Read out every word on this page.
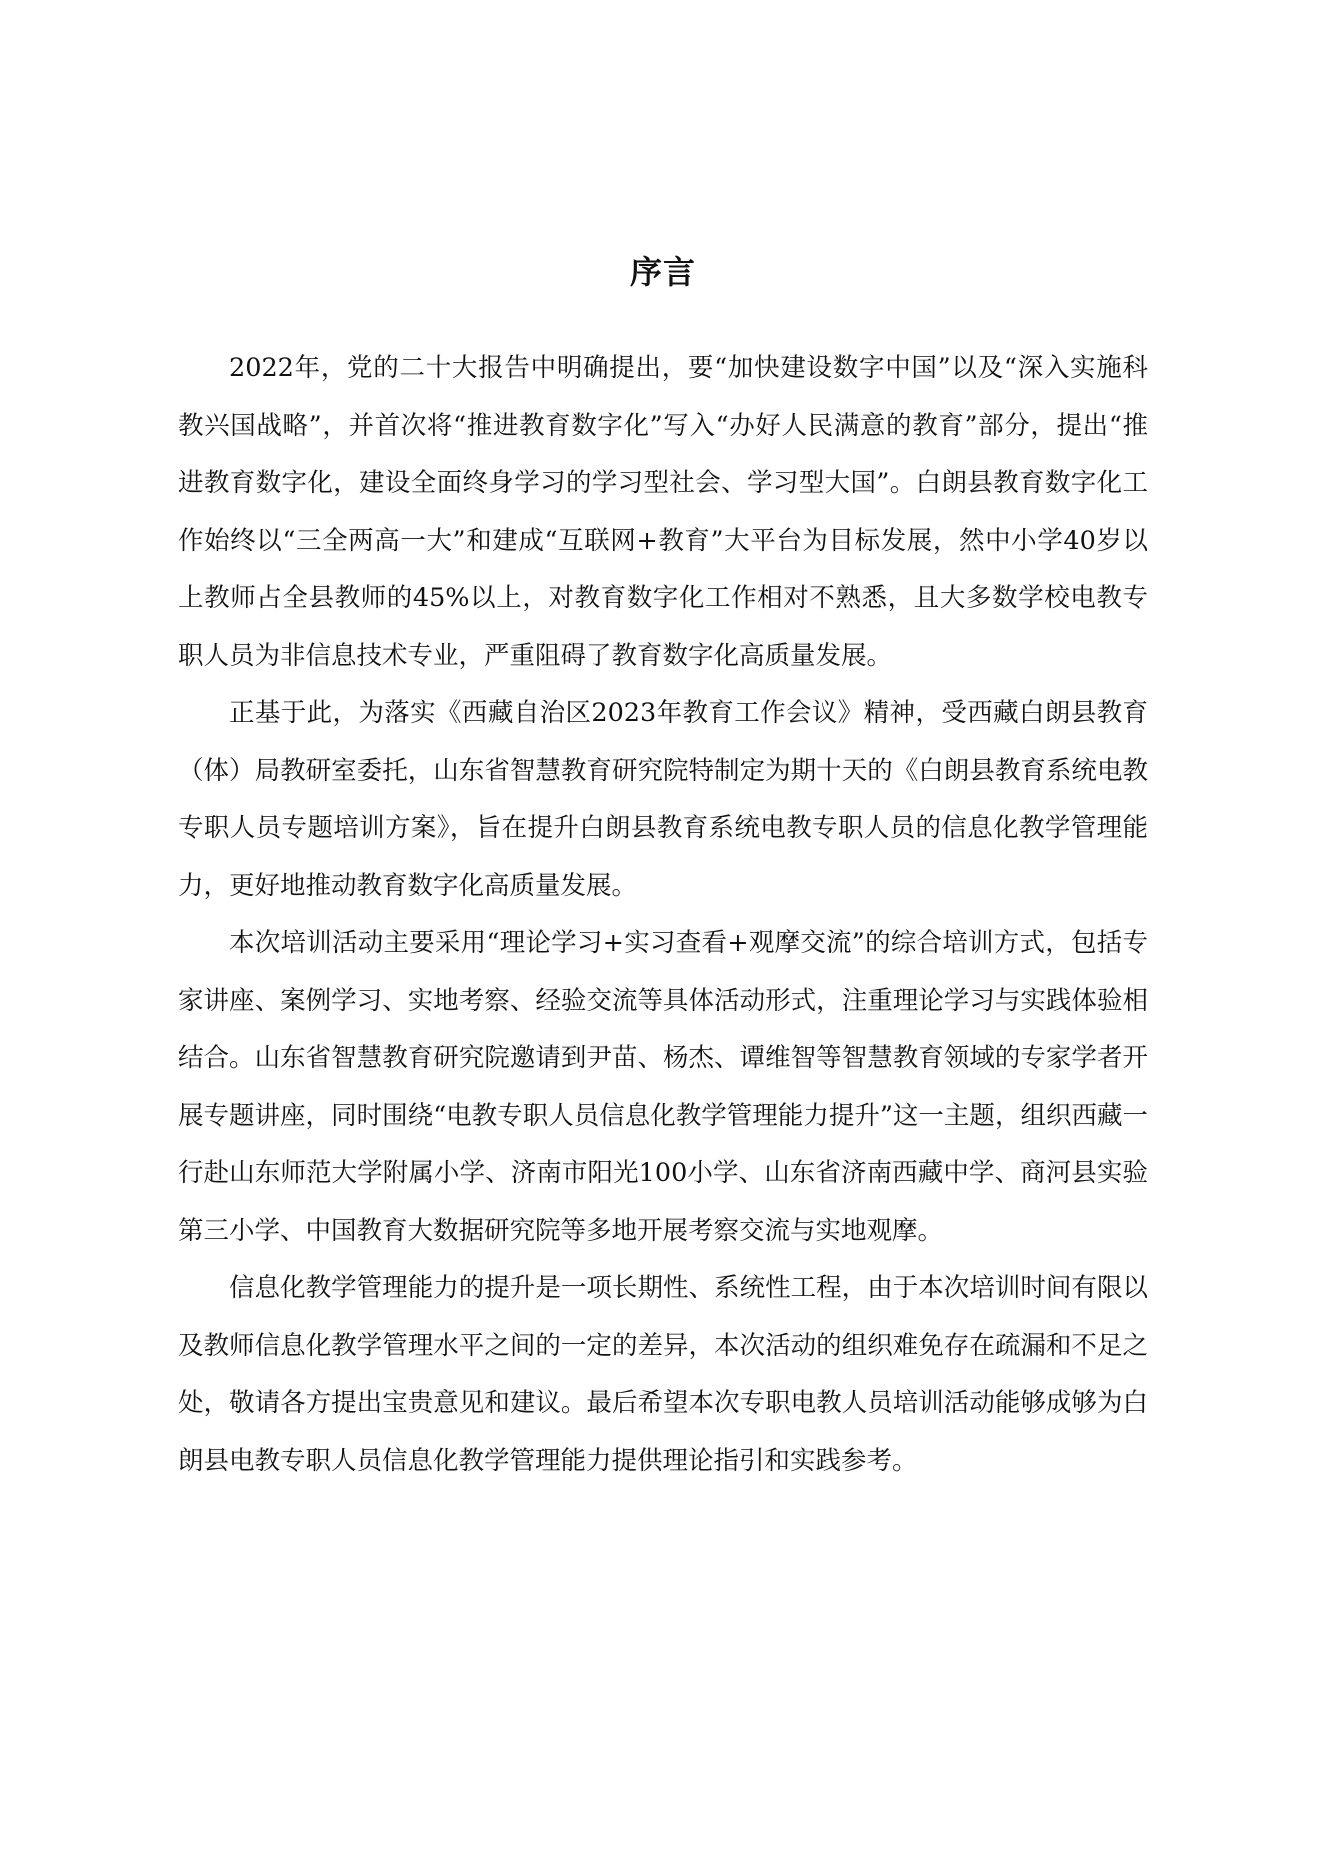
序言

2022年，党的二十大报告中明确提出，要“加快建设数字中国”以及“深入实施科教兴国战略”，并首次将“推进教育数字化”写入“办好人民满意的教育”部分，提出“推进教育数字化，建设全面终身学习的学习型社会、学习型大国”。白朗县教育数字化工作始终以“三全两高一大”和建成“互联网+教育”大平台为目标发展，然中小学40岁以上教师占全县教师的45%以上，对教育数字化工作相对不熟悉，且大多数学校电教专职人员为非信息技术专业，严重阻碍了教育数字化高质量发展。

正基于此，为落实《西藏自治区2023年教育工作会议》精神，受西藏白朗县教育（体）局教研室委托，山东省智慧教育研究院特制定为期十天的《白朗县教育系统电教专职人员专题培训方案》，旨在提升白朗县教育系统电教专职人员的信息化教学管理能力，更好地推动教育数字化高质量发展。

本次培训活动主要采用“理论学习+实习查看+观摩交流”的综合培训方式，包括专家讲座、案例学习、实地考察、经验交流等具体活动形式，注重理论学习与实践体验相结合。山东省智慧教育研究院邀请到尹苗、杨杰、谭维智等智慧教育领域的专家学者开展专题讲座，同时围绕“电教专职人员信息化教学管理能力提升”这一主题，组织西藏一行赴山东师范大学附属小学、济南市阳光100小学、山东省济南西藏中学、商河县实验第三小学、中国教育大数据研究院等多地开展考察交流与实地观摩。

信息化教学管理能力的提升是一项长期性、系统性工程，由于本次培训时间有限以及教师信息化教学管理水平之间的一定的差异，本次活动的组织难免存在疏漏和不足之处，敬请各方提出宝贵意见和建议。最后希望本次专职电教人员培训活动能够成够为白朗县电教专职人员信息化教学管理能力提供理论指引和实践参考。
